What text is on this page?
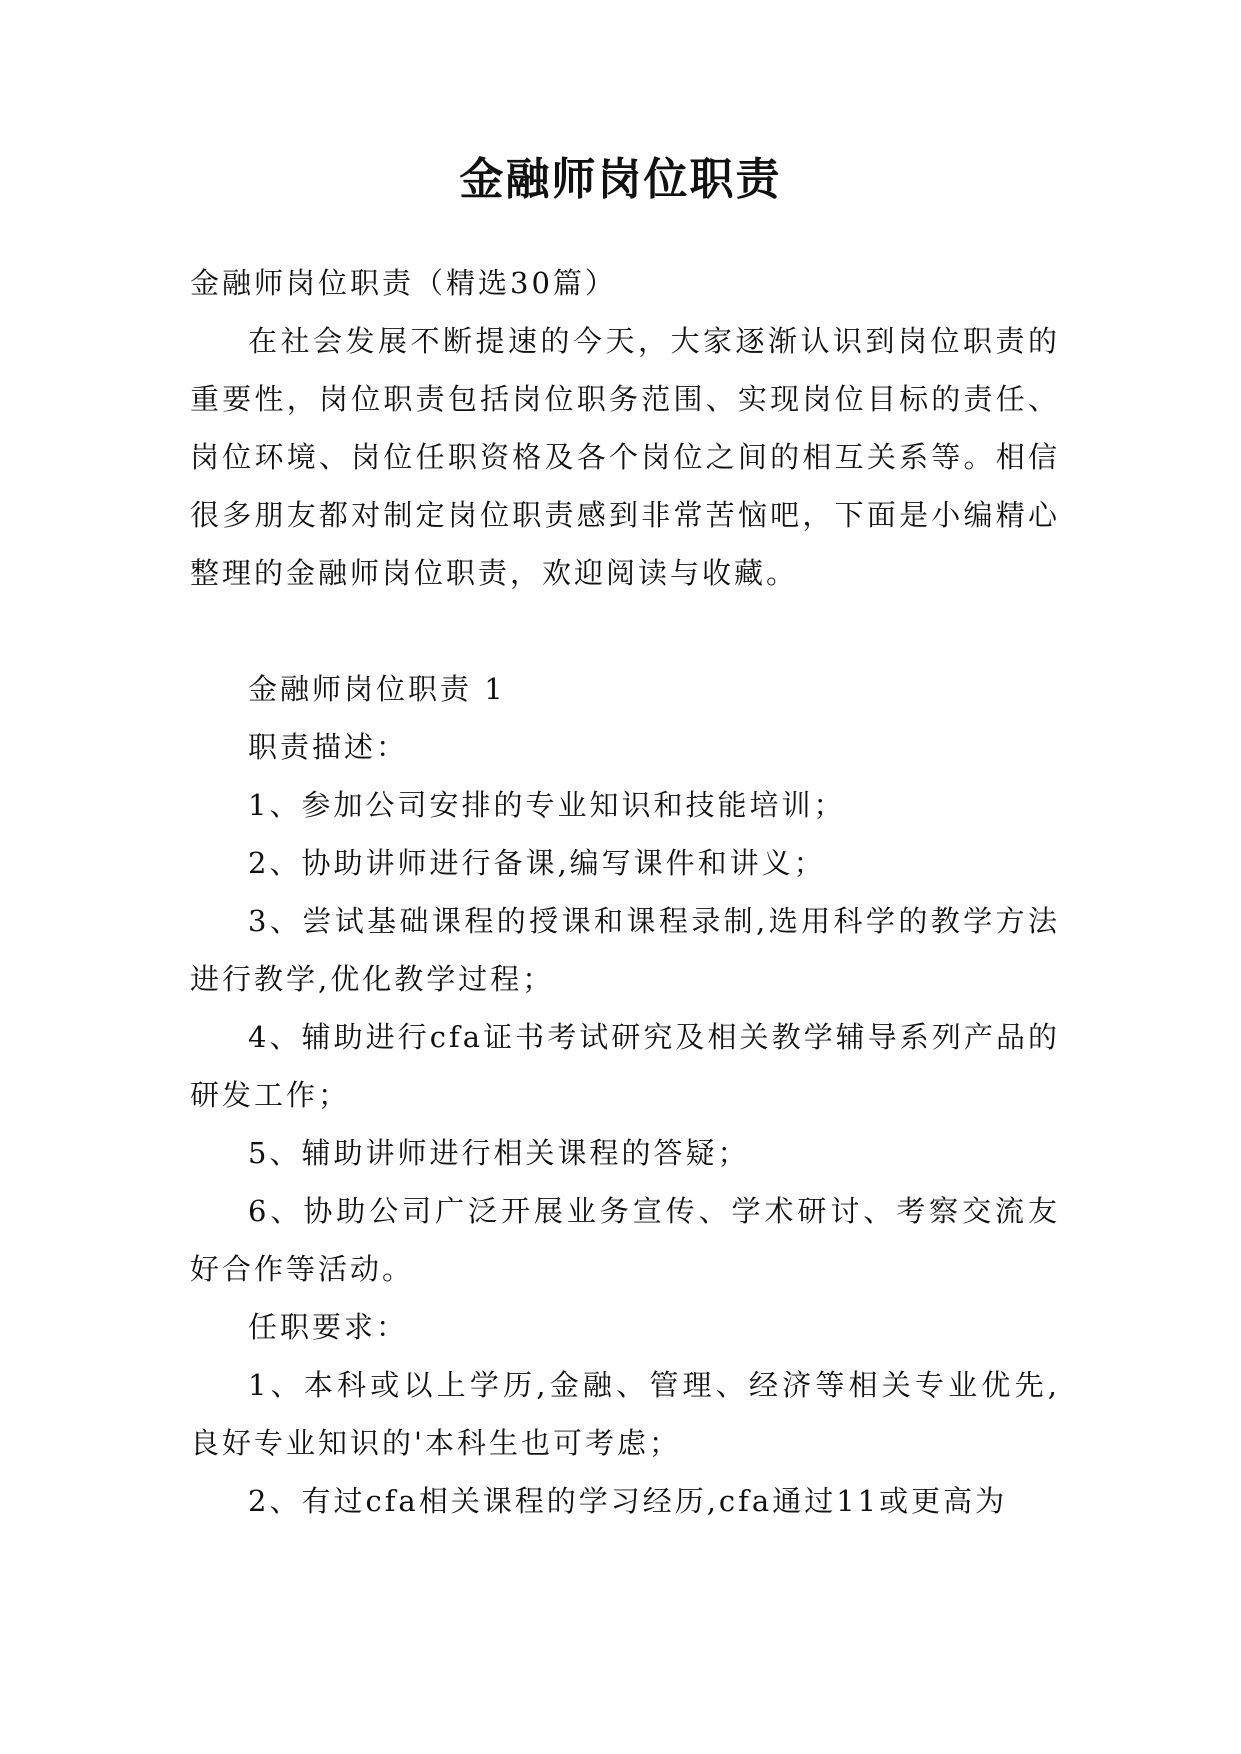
金融师岗位职责

金融师岗位职责（精选30篇）

在社会发展不断提速的今天，大家逐渐认识到岗位职责的重要性，岗位职责包括岗位职务范围、实现岗位目标的责任、岗位环境、岗位任职资格及各个岗位之间的相互关系等。相信很多朋友都对制定岗位职责感到非常苦恼吧，下面是小编精心整理的金融师岗位职责，欢迎阅读与收藏。

金融师岗位职责 1

职责描述：

1、参加公司安排的专业知识和技能培训；

2、协助讲师进行备课,编写课件和讲义；

3、尝试基础课程的授课和课程录制,选用科学的教学方法进行教学,优化教学过程；

4、辅助进行cfa证书考试研究及相关教学辅导系列产品的研发工作；

5、辅助讲师进行相关课程的答疑；

6、协助公司广泛开展业务宣传、学术研讨、考察交流友好合作等活动。

任职要求：

1、本科或以上学历,金融、管理、经济等相关专业优先,良好专业知识的'本科生也可考虑；

2、有过cfa相关课程的学习经历,cfa通过11或更高为
